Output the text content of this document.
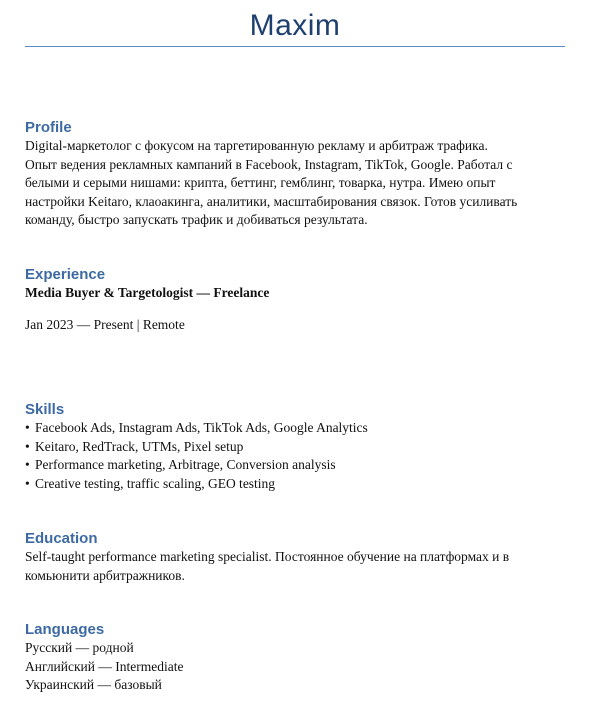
Maxim
Profile
Digital-маркетолог с фокусом на таргетированную рекламу и арбитраж трафика.
Опыт ведения рекламных кампаний в Facebook, Instagram, TikTok, Google. Работал с
белыми и серыми нишами: крипта, беттинг, гемблинг, товарка, нутра. Имею опыт
настройки Keitaro, клаоакинга, аналитики, масштабирования связок. Готов усиливать
команду, быстро запускать трафик и добиваться результата.
Experience
Media Buyer & Targetologist — Freelance
Jan 2023 — Present | Remote
Skills
• Facebook Ads, Instagram Ads, TikTok Ads, Google Analytics
• Keitaro, RedTrack, UTMs, Pixel setup
• Performance marketing, Arbitrage, Conversion analysis
• Creative testing, traffic scaling, GEO testing
Education
Self-taught performance marketing specialist. Постоянное обучение на платформах и в
комьюнити арбитражников.
Languages
Русский — родной
Английский — Intermediate
Украинский — базовый
